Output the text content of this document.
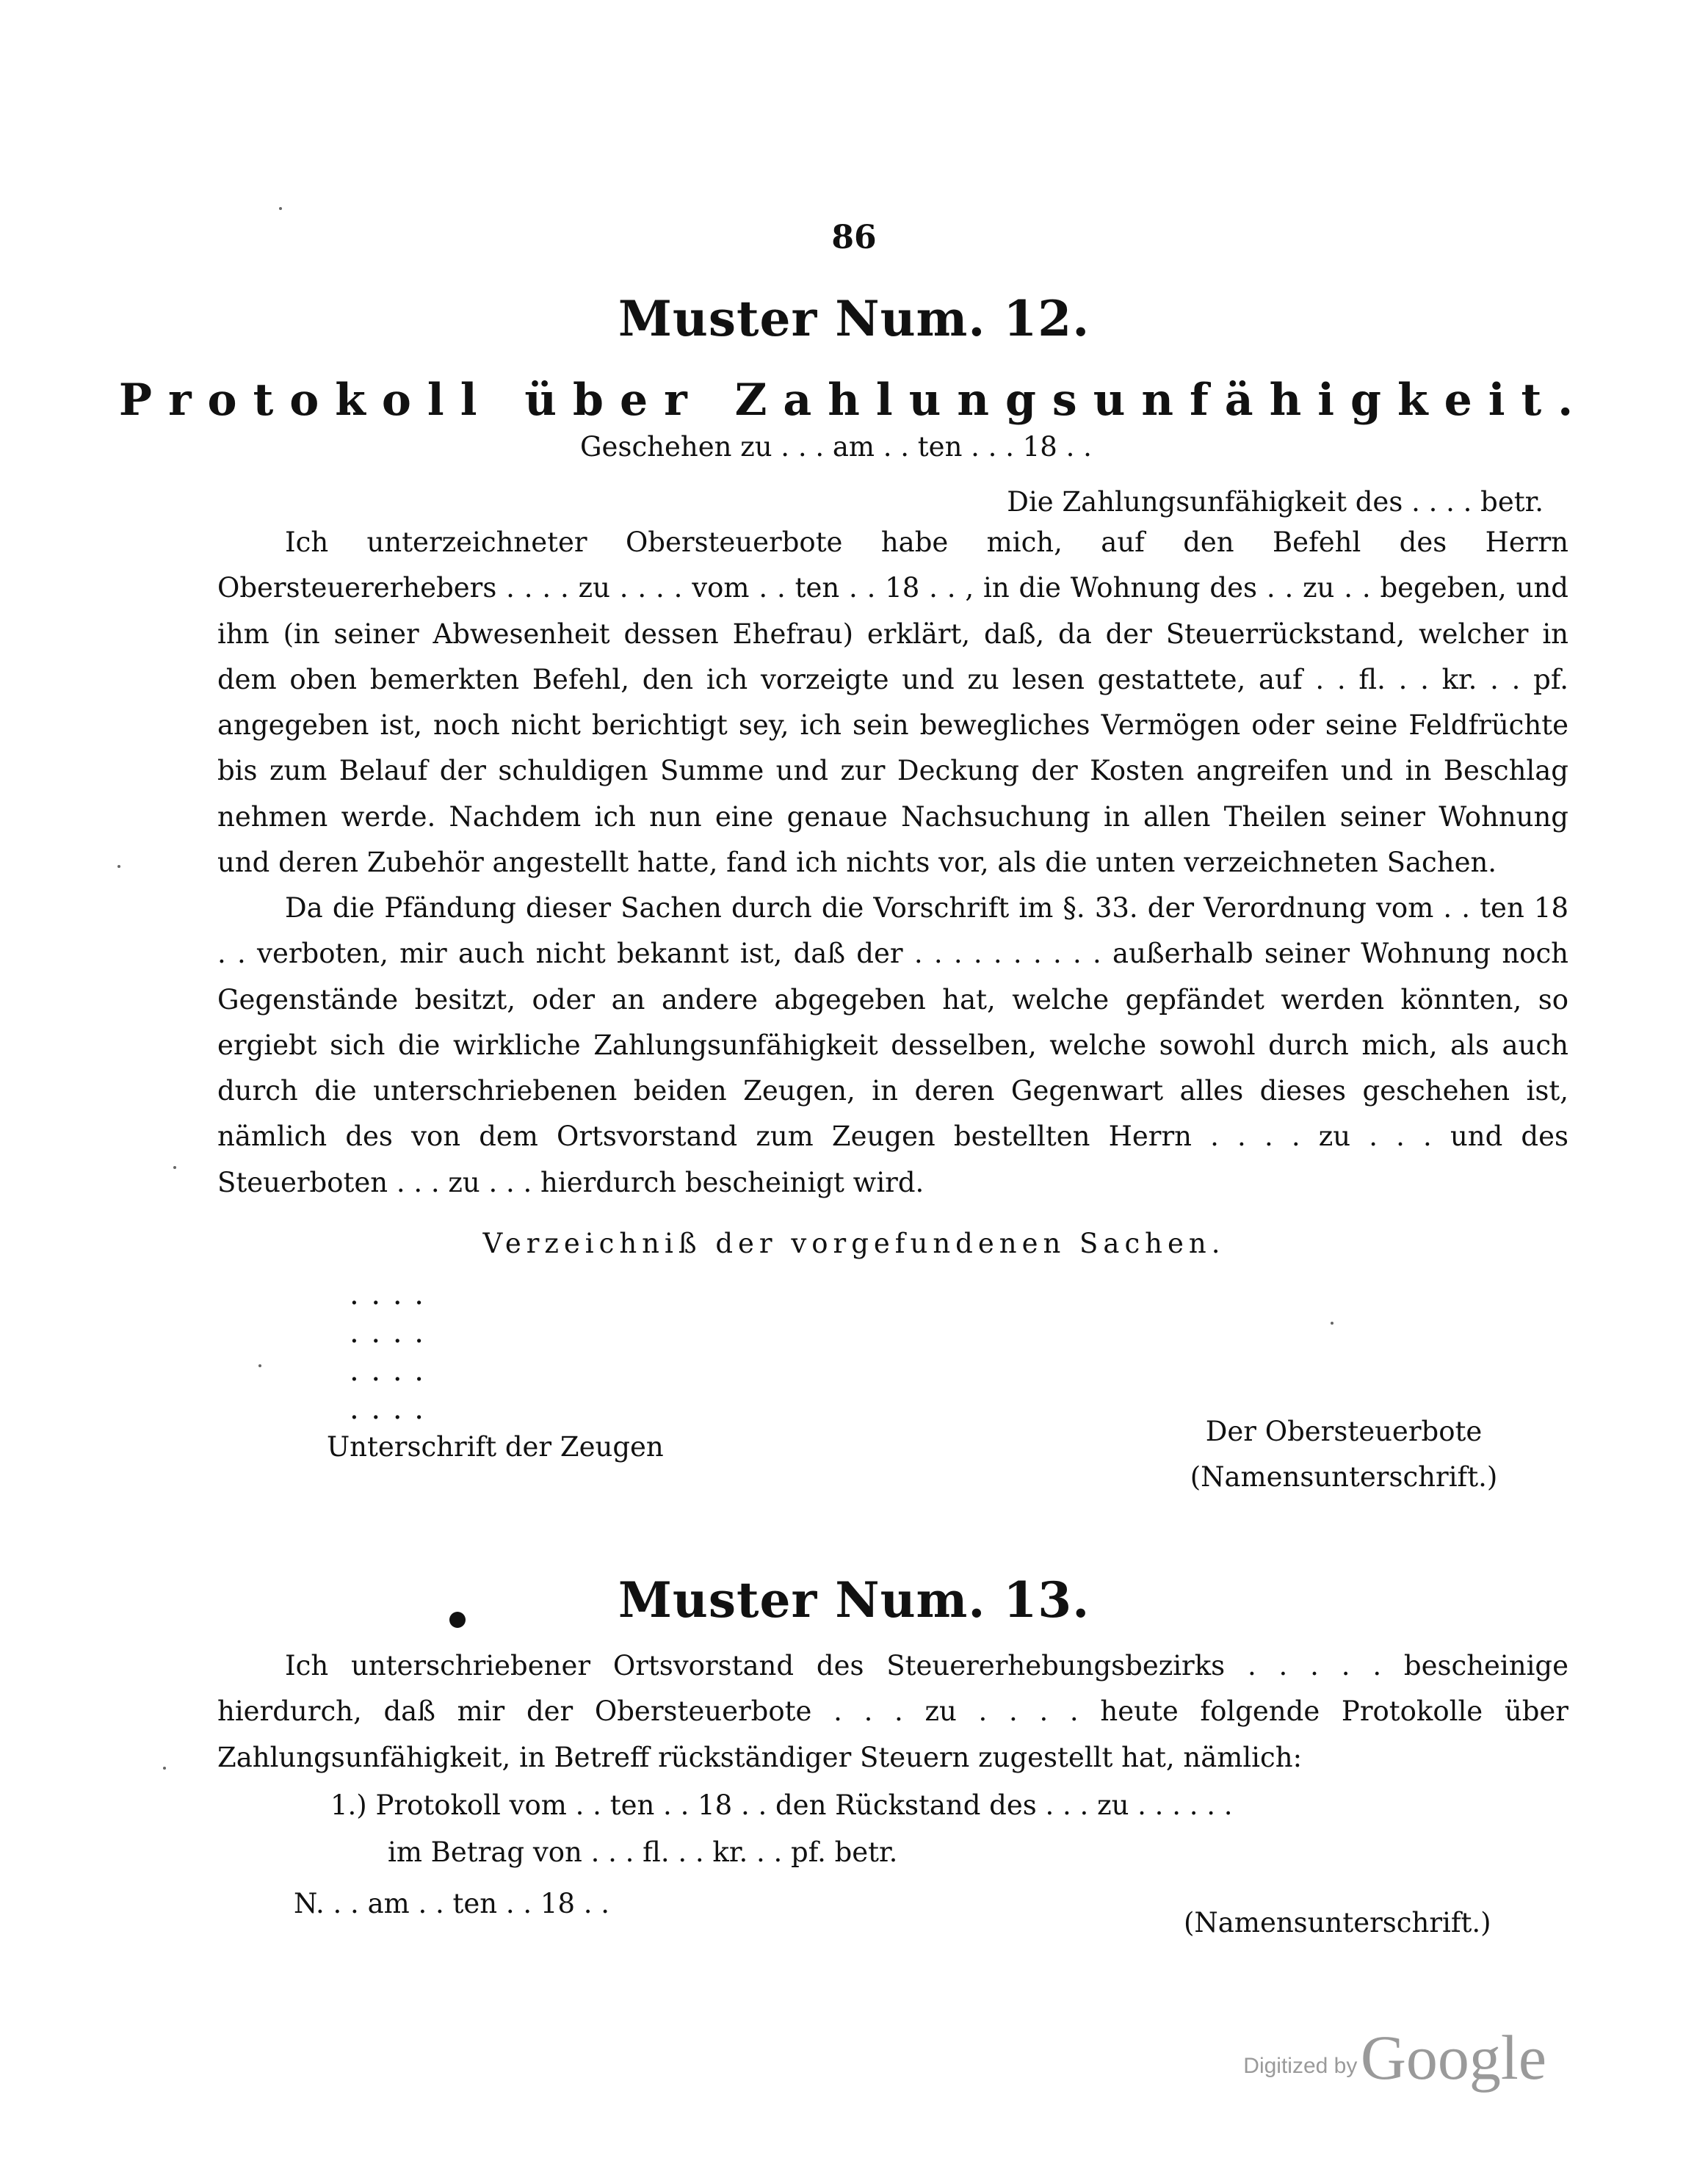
86
Muster Num. 12.
Protokoll über Zahlungsunfähigkeit.
Geschehen zu . . . am . . ten . . . 18 . .
Die Zahlungsunfähigkeit des . . . . betr.
Ich unterzeichneter Obersteuerbote habe mich, auf den Befehl des Herrn Obersteuererhebers . . . . zu . . . . vom . . ten . . 18 . . , in die Wohnung des . . zu . . begeben, und ihm (in seiner Abwesenheit dessen Ehefrau) erklärt, daß, da der Steuerrückstand, welcher in dem oben bemerkten Befehl, den ich vorzeigte und zu lesen gestattete, auf . . fl. . . kr. . . pf. angegeben ist, noch nicht berichtigt sey, ich sein bewegliches Vermögen oder seine Feldfrüchte bis zum Belauf der schuldigen Summe und zur Deckung der Kosten angreifen und in Beschlag nehmen werde. Nachdem ich nun eine genaue Nachsuchung in allen Theilen seiner Wohnung und deren Zubehör angestellt hatte, fand ich nichts vor, als die unten verzeichneten Sachen.
Da die Pfändung dieser Sachen durch die Vorschrift im §. 33. der Verordnung vom . . ten 18 . . verboten, mir auch nicht bekannt ist, daß der . . . . . . . . . . außerhalb seiner Wohnung noch Gegenstände besitzt, oder an andere abgegeben hat, welche gepfändet werden könnten, so ergiebt sich die wirkliche Zahlungsunfähigkeit desselben, welche sowohl durch mich, als auch durch die unterschriebenen beiden Zeugen, in deren Gegenwart alles dieses geschehen ist, nämlich des von dem Ortsvorstand zum Zeugen bestellten Herrn . . . . zu . . . und des Steuerboten . . . zu . . . hierdurch bescheinigt wird.
Verzeichniß der vorgefundenen Sachen.
. . . .
. . . .
. . . .
. . . .
Unterschrift der Zeugen	Der Obersteuerbote
(Namensunterschrift.)
Muster Num. 13.
Ich unterschriebener Ortsvorstand des Steuererhebungsbezirks . . . . . bescheinige hierdurch, daß mir der Obersteuerbote . . . zu . . . . heute folgende Protokolle über Zahlungsunfähigkeit, in Betreff rückständiger Steuern zugestellt hat, nämlich:
1.) Protokoll vom . . ten . . 18 . . den Rückstand des . . . zu . . . . . .
im Betrag von . . . fl. . . kr. . . pf. betr.
N. . . am . . ten . . 18 . .
(Namensunterschrift.)
Digitized by Google
